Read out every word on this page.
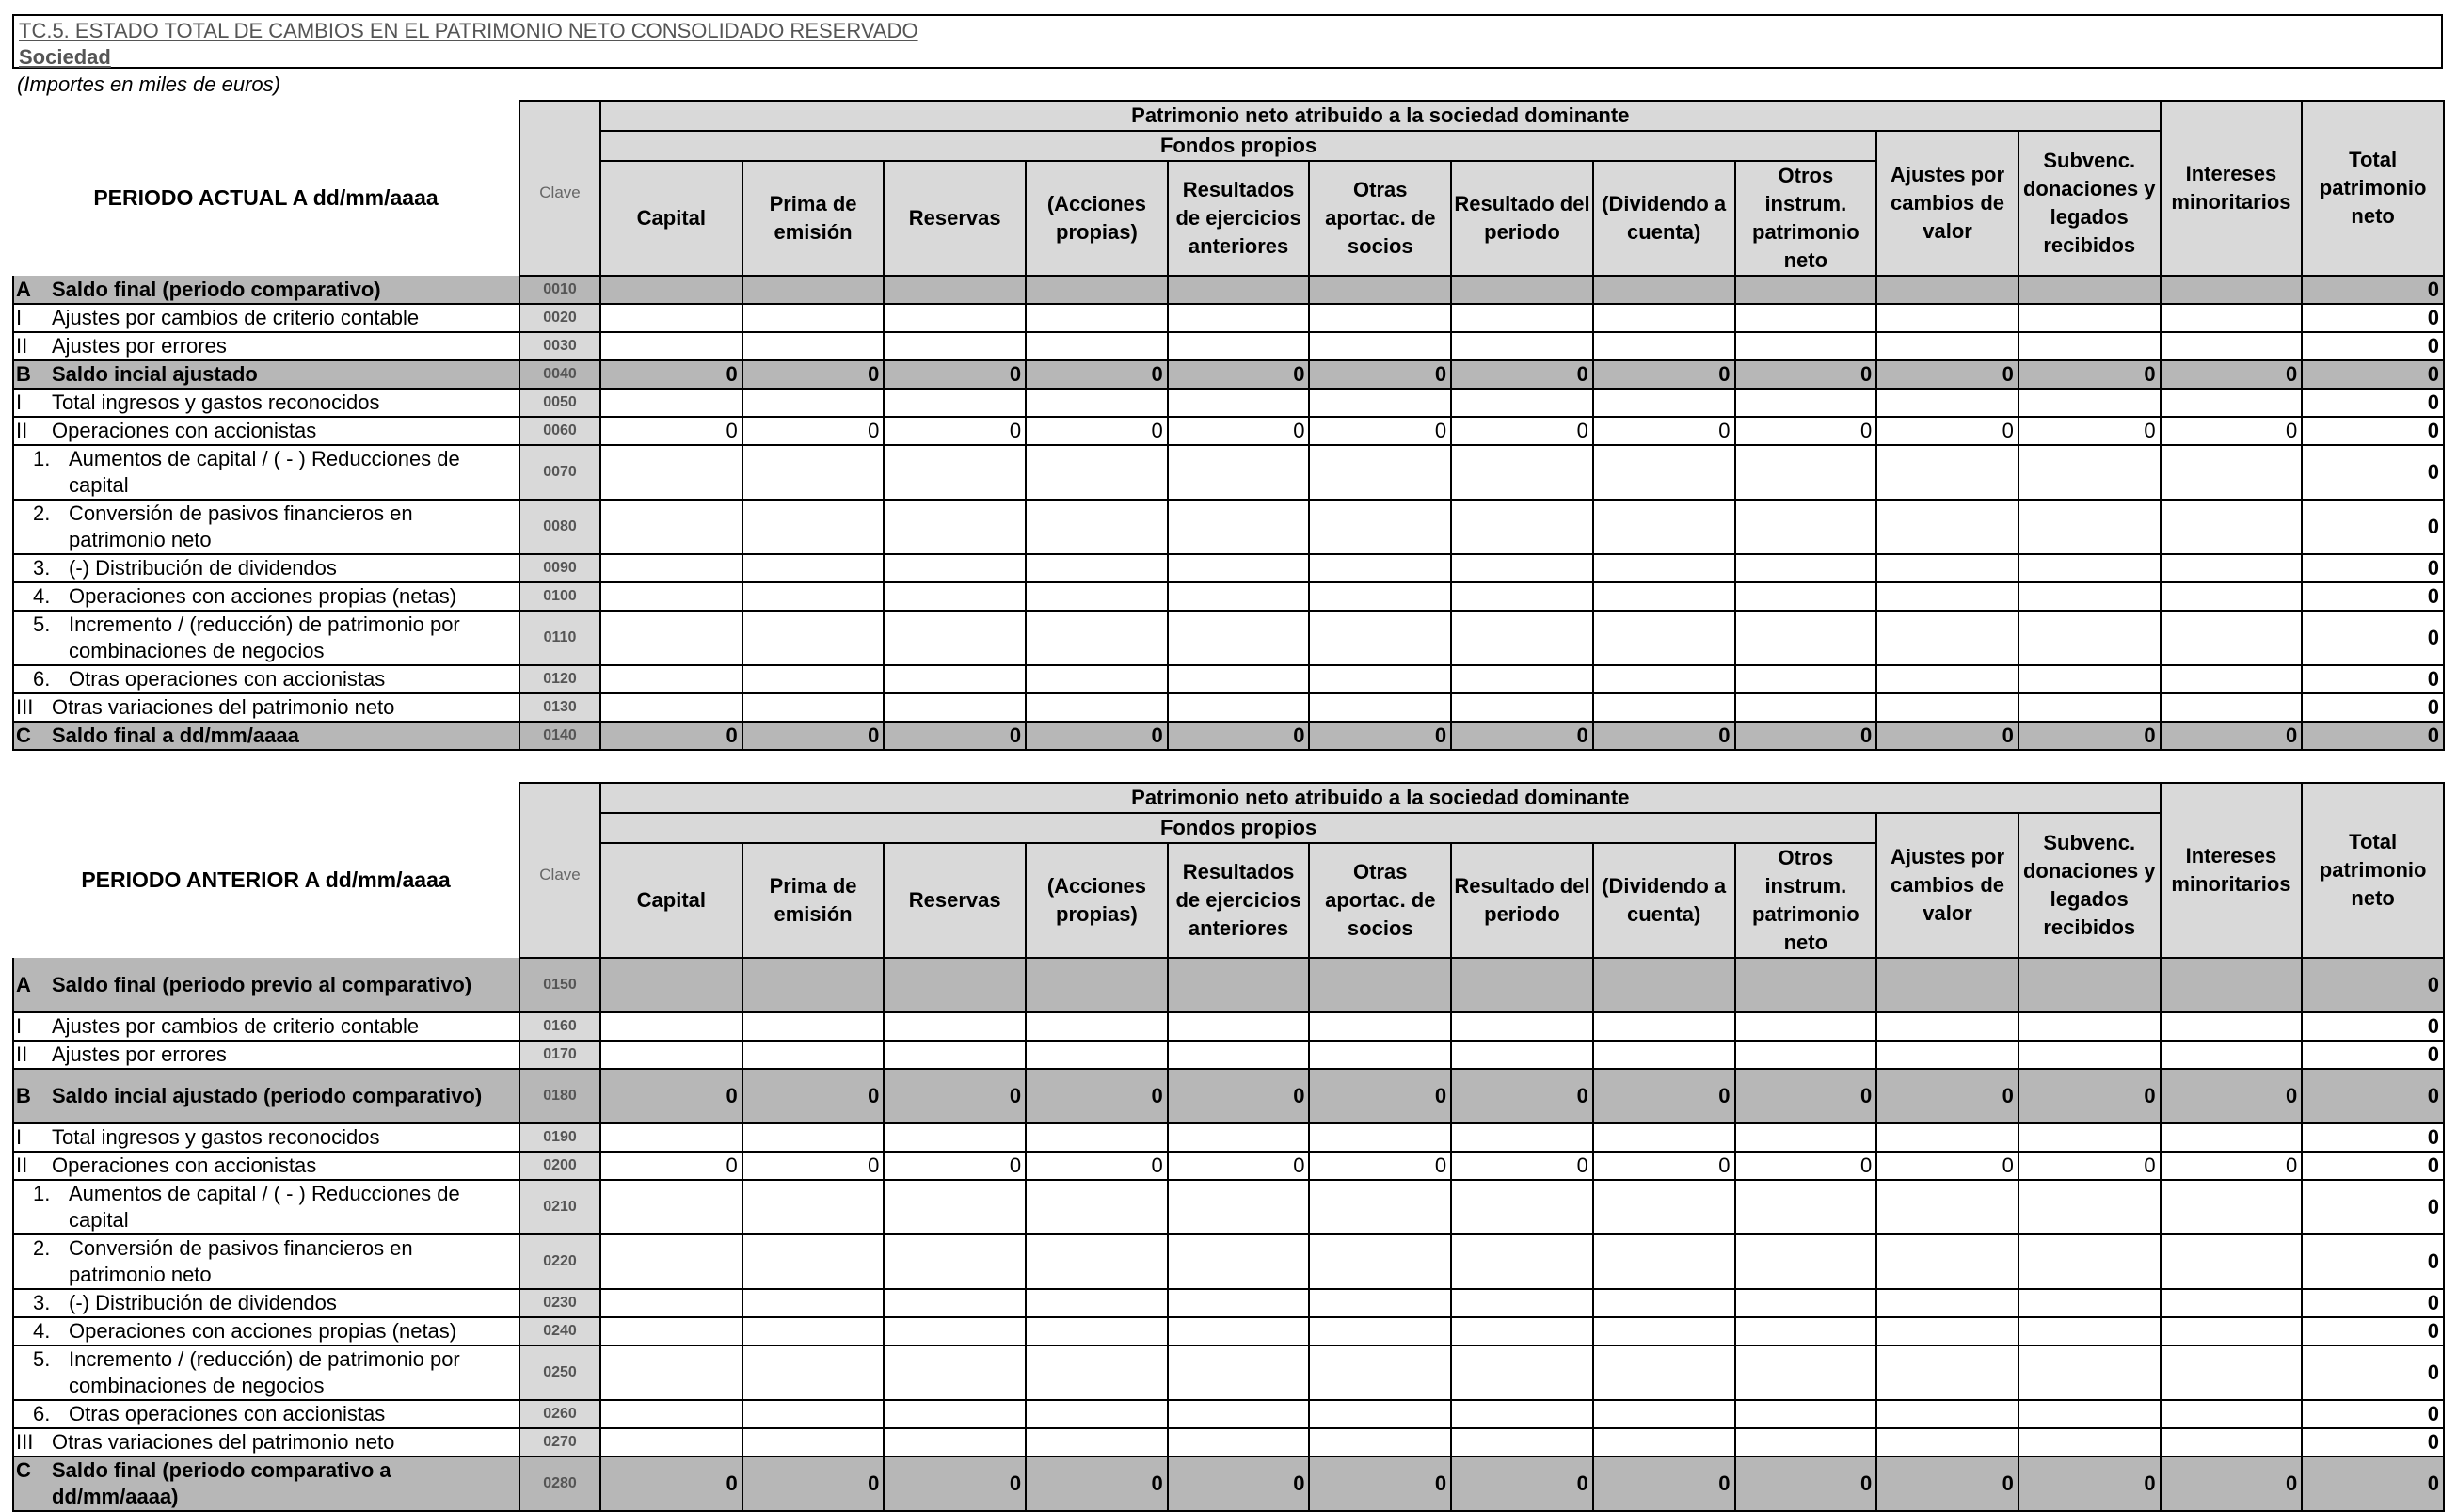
TC.5. ESTADO TOTAL DE CAMBIOS EN EL PATRIMONIO NETO CONSOLIDADO RESERVADO
Sociedad
(Importes en miles de euros)
PERIODO ACTUAL A dd/mm/aaaa	Clave	Patrimonio neto atribuido a la sociedad dominante											Intereses minoritarios	Total patrimonio neto
		Fondos propios									Ajustes por cambios de valor	Subvenc. donaciones y legados recibidos		
		Capital	Prima de emisión	Reservas	(Acciones propias)	Resultados de ejercicios anteriores	Otras aportac. de socios	Resultado del periodo	(Dividendo a cuenta)	Otros instrum. patrimonio neto				

A Saldo final (periodo comparativo)	0010													0

I Ajustes por cambios de criterio contable	0020													0

II Ajustes por errores	0030													0

B Saldo incial ajustado	0040	0	0	0	0	0	0	0	0	0	0	0	0	0

I Total ingresos y gastos reconocidos	0050													0

II Operaciones con accionistas	0060	0	0	0	0	0	0	0	0	0	0	0	0	0

1. Aumentos de capital / ( - ) Reducciones de capital	0070													0

2. Conversión de pasivos financieros en patrimonio neto	0080													0

3. (-) Distribución de dividendos	0090													0

4. Operaciones con acciones propias (netas)	0100													0

5. Incremento / (reducción) de patrimonio por combinaciones de negocios	0110													0

6. Otras operaciones con accionistas	0120													0

III Otras variaciones del patrimonio neto	0130													0

C Saldo final a dd/mm/aaaa	0140	0	0	0	0	0	0	0	0	0	0	0	0	0
PERIODO ANTERIOR A dd/mm/aaaa	Clave	Patrimonio neto atribuido a la sociedad dominante											Intereses minoritarios	Total patrimonio neto
		Fondos propios									Ajustes por cambios de valor	Subvenc. donaciones y legados recibidos		
		Capital	Prima de emisión	Reservas	(Acciones propias)	Resultados de ejercicios anteriores	Otras aportac. de socios	Resultado del periodo	(Dividendo a cuenta)	Otros instrum. patrimonio neto				

A Saldo final (periodo previo al comparativo)	0150													0

I Ajustes por cambios de criterio contable	0160													0

II Ajustes por errores	0170													0

B Saldo incial ajustado (periodo comparativo)	0180	0	0	0	0	0	0	0	0	0	0	0	0	0

I Total ingresos y gastos reconocidos	0190													0

II Operaciones con accionistas	0200	0	0	0	0	0	0	0	0	0	0	0	0	0

1. Aumentos de capital / ( - ) Reducciones de capital	0210													0

2. Conversión de pasivos financieros en patrimonio neto	0220													0

3. (-) Distribución de dividendos	0230													0

4. Operaciones con acciones propias (netas)	0240													0

5. Incremento / (reducción) de patrimonio por combinaciones de negocios	0250													0

6. Otras operaciones con accionistas	0260													0

III Otras variaciones del patrimonio neto	0270													0

C Saldo final (periodo comparativo a dd/mm/aaaa)	0280	0	0	0	0	0	0	0	0	0	0	0	0	0
